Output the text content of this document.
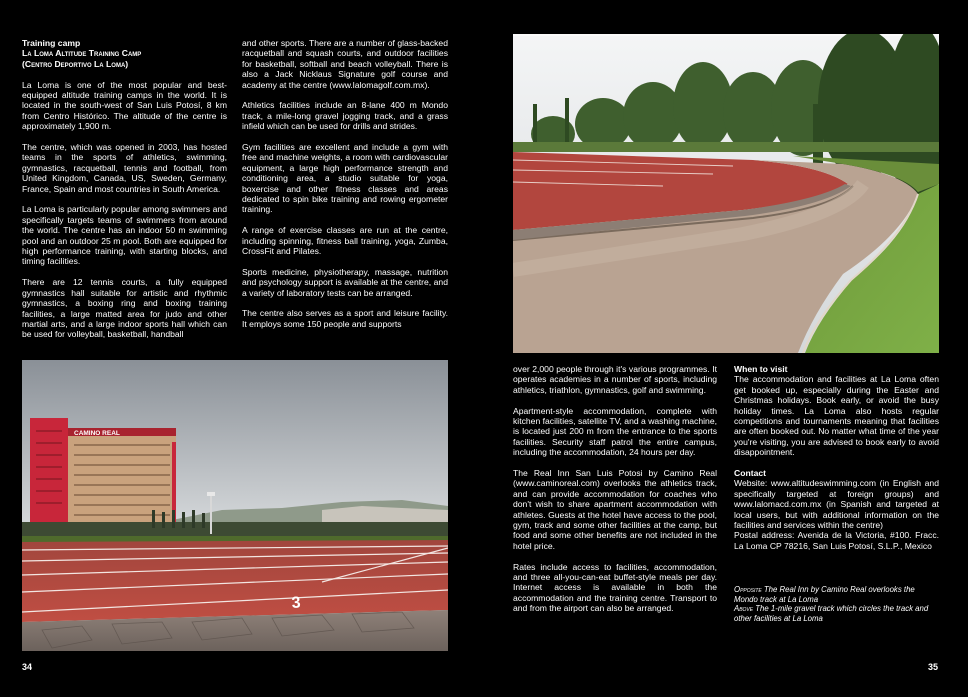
Training camp
La Loma Altitude Training Camp
(Centro Deportivo La Loma)

La Loma is one of the most popular and best-equipped altitude training camps in the world. It is located in the south-west of San Luis Potosí, 8 km from Centro Histórico. The altitude of the centre is approximately 1,900 m.

The centre, which was opened in 2003, has hosted teams in the sports of athletics, swimming, gymnastics, racquetball, tennis and football, from United Kingdom, Canada, US, Sweden, Germany, France, Spain and most countries in South America.

La Loma is particularly popular among swimmers and specifically targets teams of swimmers from around the world. The centre has an indoor 50 m swimming pool and an outdoor 25 m pool. Both are equipped for high performance training, with starting blocks, and timing facilities.

There are 12 tennis courts, a fully equipped gymnastics hall suitable for artistic and rhythmic gymnastics, a boxing ring and boxing training facilities, a large matted area for judo and other martial arts, and a large indoor sports hall which can be used for volleyball, basketball, handball

and other sports. There are a number of glass-backed racquetball and squash courts, and outdoor facilities for basketball, softball and beach volleyball. There is also a Jack Nicklaus Signature golf course and academy at the centre (www.lalomagolf.com.mx).

Athletics facilities include an 8-lane 400 m Mondo track, a mile-long gravel jogging track, and a grass infield which can be used for drills and strides.

Gym facilities are excellent and include a gym with free and machine weights, a room with cardiovascular equipment, a large high performance strength and conditioning area, a studio suitable for yoga, boxercise and other fitness classes and areas dedicated to spin bike training and rowing ergometer training.

A range of exercise classes are run at the centre, including spinning, fitness ball training, yoga, Zumba, CrossFit and Pilates.

Sports medicine, physiotherapy, massage, nutrition and psychology support is available at the centre, and a variety of laboratory tests can be arranged.

The centre also serves as a sport and leisure facility. It employs some 150 people and supports

CAMINO REAL
3
34

over 2,000 people through it's various programmes. It operates academies in a number of sports, including athletics, triathlon, gymnastics, golf and swimming.

Apartment-style accommodation, complete with kitchen facilities, satellite TV, and a washing machine, is located just 200 m from the entrance to the sports facilities. Security staff patrol the entire campus, including the accommodation, 24 hours per day.

The Real Inn San Luis Potosi by Camino Real (www.caminoreal.com) overlooks the athletics track, and can provide accommodation for coaches who don't wish to share apartment accommodation with athletes. Guests at the hotel have access to the pool, gym, track and some other facilities at the camp, but food and some other benefits are not included in the hotel price.

Rates include access to facilities, accommodation, and three all-you-can-eat buffet-style meals per day. Internet access is available in both the accommodation and the training centre. Transport to and from the airport can also be arranged.

When to visit

The accommodation and facilities at La Loma often get booked up, especially during the Easter and Christmas holidays. Book early, or avoid the busy holiday times. La Loma also hosts regular competitions and tournaments meaning that facilities are often booked out. No matter what time of the year you're visiting, you are advised to book early to avoid disappointment.

Contact
Website: www.altitudeswimming.com (in English and specifically targeted at foreign groups) and www.lalomacd.com.mx (in Spanish and targeted at local users, but with additional information on the facilities and services within the centre)
Postal address: Avenida de la Victoria, #100. Fracc. La Loma CP 78216, San Luis Potosí, S.L.P., Mexico
Opposite The Real Inn by Camino Real overlooks the Mondo track at La Loma
Above The 1-mile gravel track which circles the track and other facilities at La Loma
35
